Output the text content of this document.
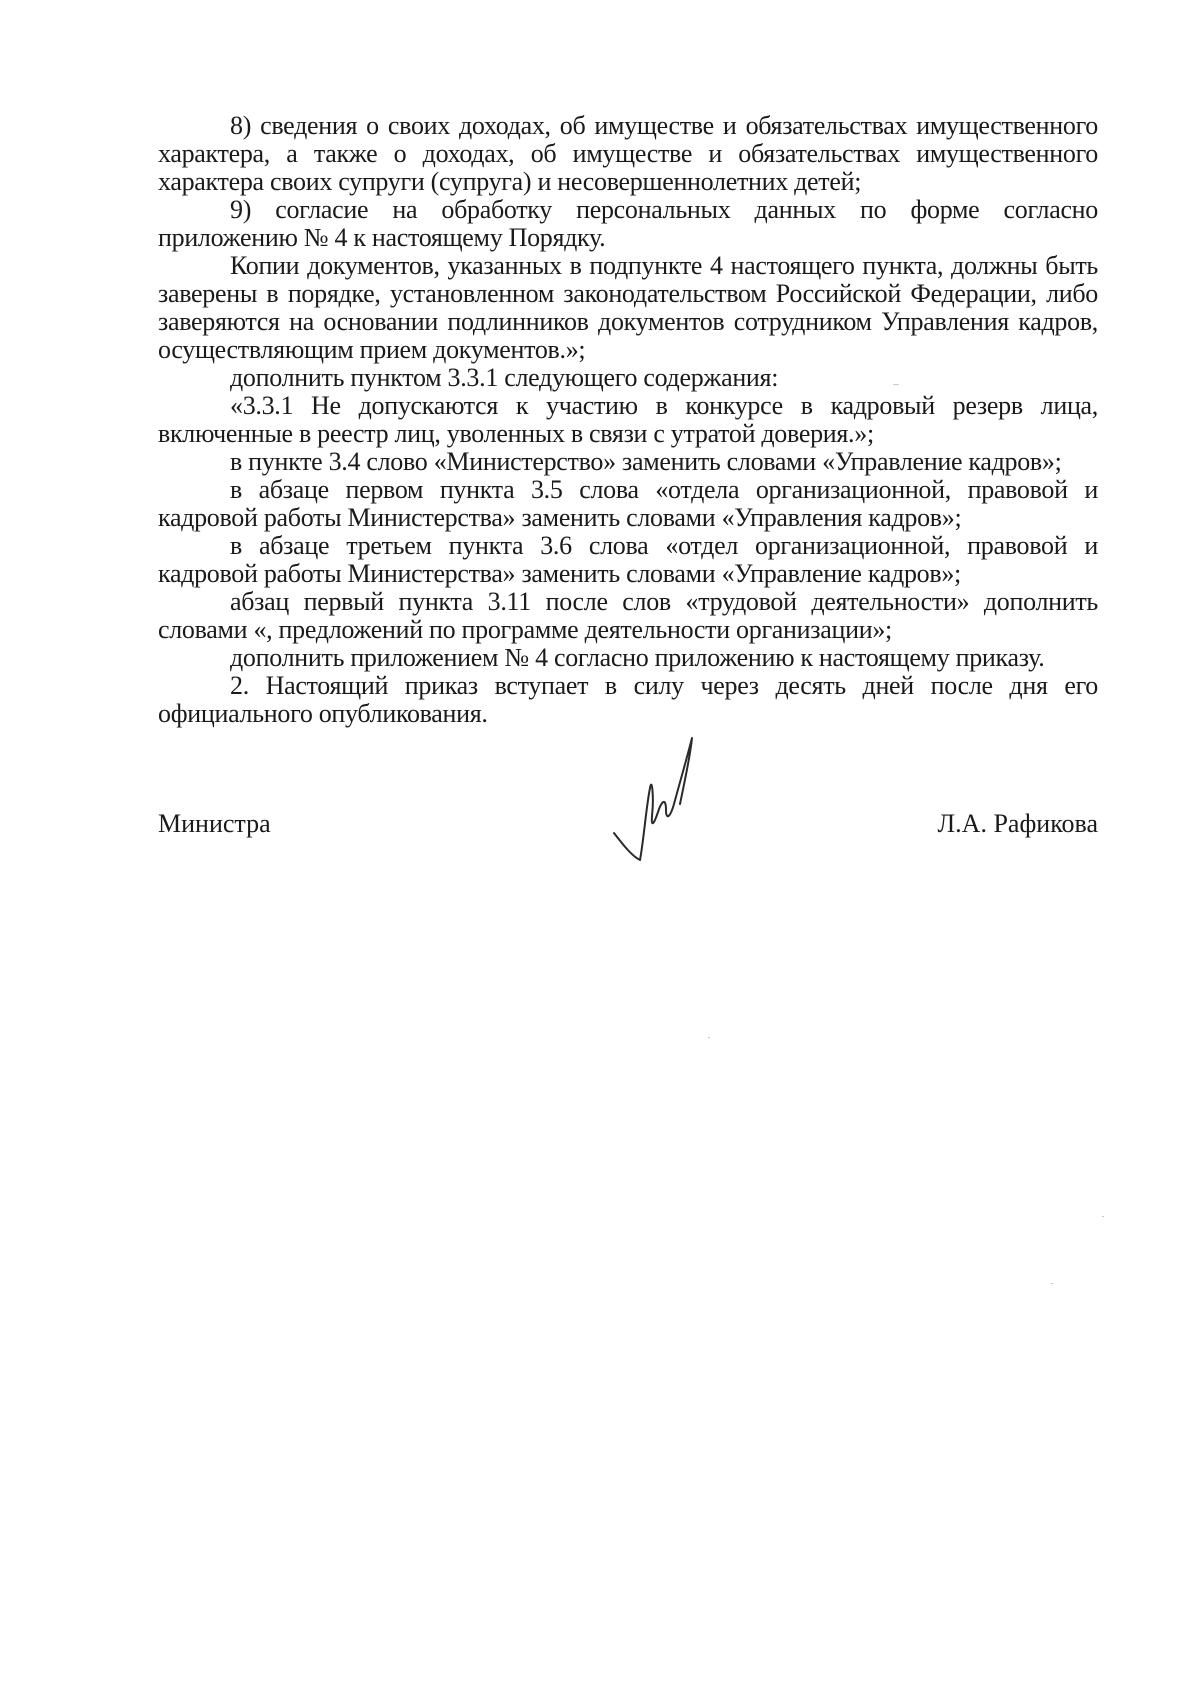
8) сведения о своих доходах, об имуществе и обязательствах имущественного характера, а также о доходах, об имуществе и обязательствах имущественного характера своих супруги (супруга) и несовершеннолетних детей;

9) согласие на обработку персональных данных по форме согласно приложению № 4 к настоящему Порядку.

Копии документов, указанных в подпункте 4 настоящего пункта, должны быть заверены в порядке, установленном законодательством Российской Федерации, либо заверяются на основании подлинников документов сотрудником Управления кадров, осуществляющим прием документов.»;

дополнить пунктом 3.3.1 следующего содержания:

«3.3.1 Не допускаются к участию в конкурсе в кадровый резерв лица, включенные в реестр лиц, уволенных в связи с утратой доверия.»;

в пункте 3.4 слово «Министерство» заменить словами «Управление кадров»;

в абзаце первом пункта 3.5 слова «отдела организационной, правовой и кадровой работы Министерства» заменить словами «Управления кадров»;

в абзаце третьем пункта 3.6 слова «отдел организационной, правовой и кадровой работы Министерства» заменить словами «Управление кадров»;

абзац первый пункта 3.11 после слов «трудовой деятельности» дополнить словами «, предложений по программе деятельности организации»;

дополнить приложением № 4 согласно приложению к настоящему приказу.

2. Настоящий приказ вступает в силу через десять дней после дня его официального опубликования.

Министра	Л.А. Рафикова
